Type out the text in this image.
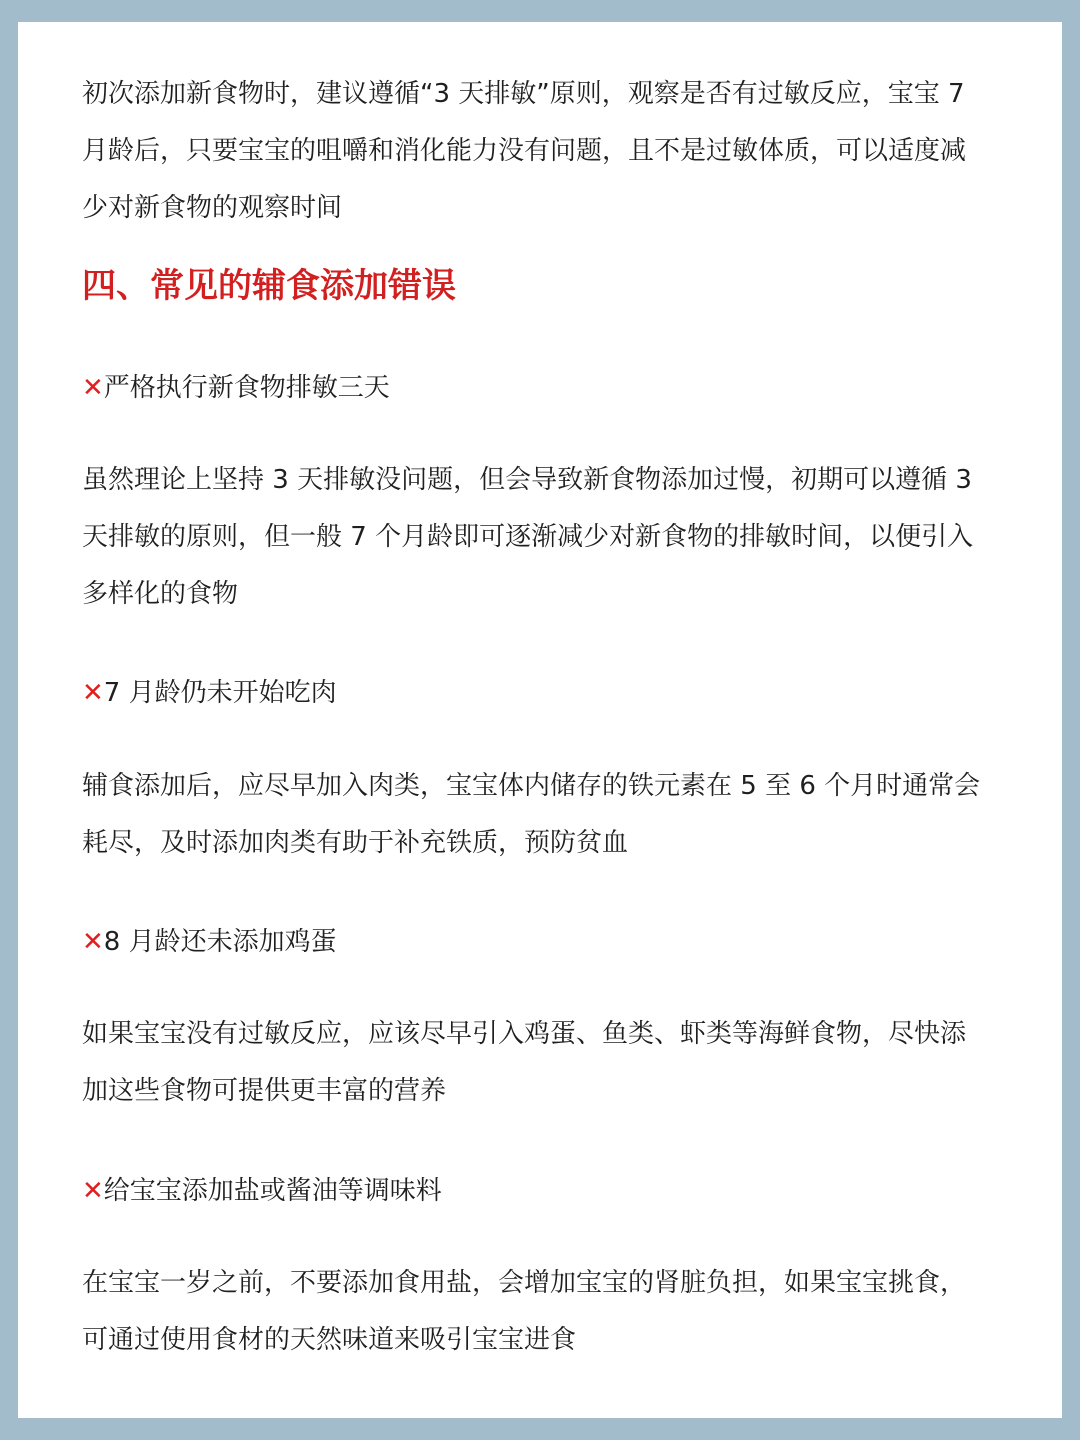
初次添加新食物时，建议遵循“3 天排敏”原则，观察是否有过敏反应，宝宝 7 月龄后，只要宝宝的咀嚼和消化能力没有问题，且不是过敏体质，可以适度减少对新食物的观察时间

四、常见的辅食添加错误

✕严格执行新食物排敏三天

虽然理论上坚持 3 天排敏没问题，但会导致新食物添加过慢，初期可以遵循 3 天排敏的原则，但一般 7 个月龄即可逐渐减少对新食物的排敏时间，以便引入多样化的食物

✕7 月龄仍未开始吃肉

辅食添加后，应尽早加入肉类，宝宝体内储存的铁元素在 5 至 6 个月时通常会耗尽，及时添加肉类有助于补充铁质，预防贫血

✕8 月龄还未添加鸡蛋

如果宝宝没有过敏反应，应该尽早引入鸡蛋、鱼类、虾类等海鲜食物，尽快添加这些食物可提供更丰富的营养

✕给宝宝添加盐或酱油等调味料

在宝宝一岁之前，不要添加食用盐，会增加宝宝的肾脏负担，如果宝宝挑食，可通过使用食材的天然味道来吸引宝宝进食
